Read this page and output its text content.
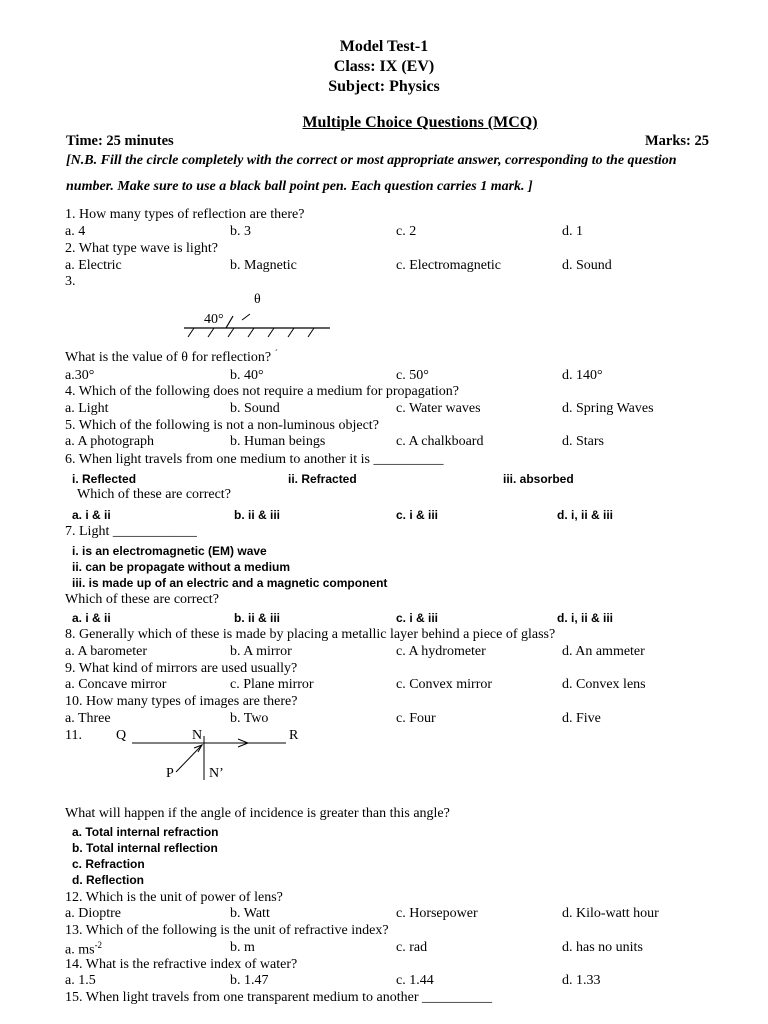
Model Test-1
Class: IX (EV)
Subject: Physics
Multiple Choice Questions (MCQ)
Time: 25 minutes	Marks: 25
[N.B. Fill the circle completely with the correct or most appropriate answer, corresponding to the question number. Make sure to use a black ball point pen. Each question carries 1 mark. ]
1. How many types of reflection are there?
a. 4	b. 3	c. 2	d. 1
2. What type wave is light?
a. Electric	b. Magnetic	c. Electromagnetic	d. Sound
3.
θ
40°
What is the value of θ for reflection? ´
a.30°	b. 40°	c. 50°	d. 140°
4. Which of the following does not require a medium for propagation?
a. Light	b. Sound	c. Water waves	d. Spring Waves
5. Which of the following is not a non-luminous object?
a. A photograph	b. Human beings	c. A chalkboard	d. Stars
6. When light travels from one medium to another it is __________
i. Reflected	ii. Refracted	iii. absorbed
Which of these are correct?
a. i & ii	b. ii & iii	c. i & iii	d. i, ii & iii
7. Light ____________
i. is an electromagnetic (EM) wave
ii. can be propagate without a medium
iii. is made up of an electric and a magnetic component
Which of these are correct?
a. i & ii	b. ii & iii	c. i & iii	d. i, ii & iii
8. Generally which of these is made by placing a metallic layer behind a piece of glass?
a. A barometer	b. A mirror	c. A hydrometer	d. An ammeter
9. What kind of mirrors are used usually?
a. Concave mirror	c. Plane mirror	c. Convex mirror	d. Convex lens
10. How many types of images are there?
a. Three	b. Two	c. Four	d. Five
11. Q	N	R
P	N’
What will happen if the angle of incidence is greater than this angle?
a. Total internal refraction
b. Total internal reflection
c. Refraction
d. Reflection
12. Which is the unit of power of lens?
a. Dioptre	b. Watt	c. Horsepower	d. Kilo-watt hour
13. Which of the following is the unit of refractive index?
a. $ms^{-2}$	b. m	c. rad	d. has no units
14. What is the refractive index of water?
a. 1.5	b. 1.47	c. 1.44	d. 1.33
15. When light travels from one transparent medium to another __________
